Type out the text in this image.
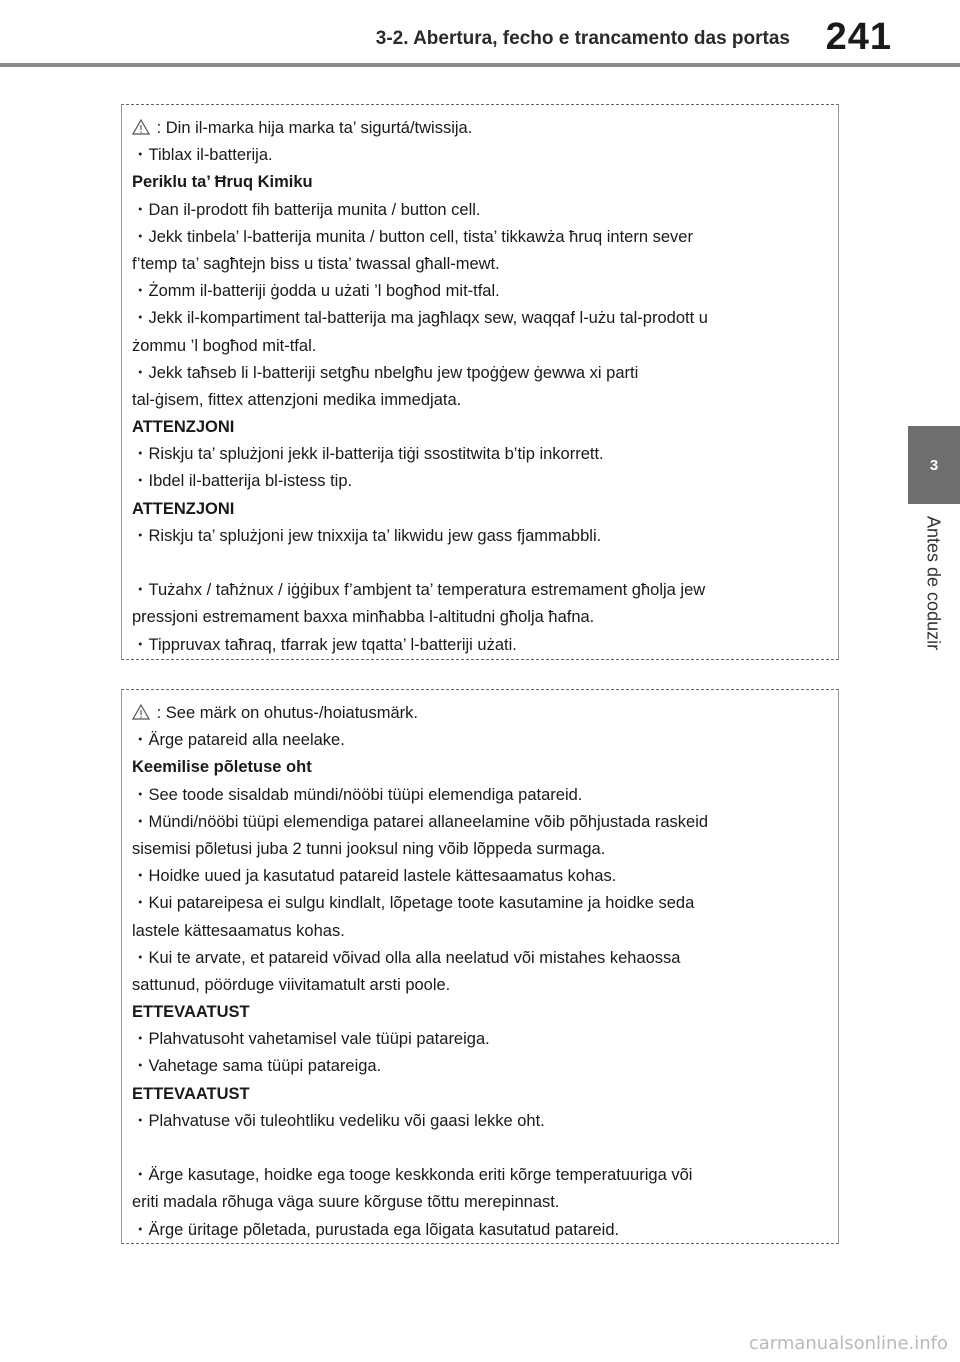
3-2. Abertura, fecho e trancamento das portas 241
3
Antes de coduzir
: Din il-marka hija marka ta’ sigurtá/twissija.
・Tiblax il-batterija.
Periklu ta’ Ħruq Kimiku
・Dan il-prodott fih batterija munita / button cell.
・Jekk tinbela’ l-batterija munita / button cell, tista’ tikkawża ħruq intern sever
f’temp ta’ sagħtejn biss u tista’ twassal għall-mewt.
・Żomm il-batteriji ġodda u użati ’l bogħod mit-tfal.
・Jekk il-kompartiment tal-batterija ma jagħlaqx sew, waqqaf l-użu tal-prodott u
żommu ’l bogħod mit-tfal.
・Jekk taħseb li l-batteriji setgħu nbelgħu jew tpoġġew ġewwa xi parti
tal-ġisem, fittex attenzjoni medika immedjata.
ATTENZJONI
・Riskju ta’ splużjoni jekk il-batterija tiġi ssostitwita b’tip inkorrett.
・Ibdel il-batterija bl-istess tip.
ATTENZJONI
・Riskju ta’ splużjoni jew tnixxija ta’ likwidu jew gass fjammabbli.
・Tużahx / taħżnux / iġġibux f’ambjent ta’ temperatura estremament għolja jew
pressjoni estremament baxxa minħabba l-altitudni għolja ħafna.
・Tippruvax taħraq, tfarrak jew tqatta’ l-batteriji użati.
: See märk on ohutus-/hoiatusmärk.
・Ärge patareid alla neelake.
Keemilise põletuse oht
・See toode sisaldab mündi/nööbi tüüpi elemendiga patareid.
・Mündi/nööbi tüüpi elemendiga patarei allaneelamine võib põhjustada raskeid
sisemisi põletusi juba 2 tunni jooksul ning võib lõppeda surmaga.
・Hoidke uued ja kasutatud patareid lastele kättesaamatus kohas.
・Kui patareipesa ei sulgu kindlalt, lõpetage toote kasutamine ja hoidke seda
lastele kättesaamatus kohas.
・Kui te arvate, et patareid võivad olla alla neelatud või mistahes kehaossa
sattunud, pöörduge viivitamatult arsti poole.
ETTEVAATUST
・Plahvatusoht vahetamisel vale tüüpi patareiga.
・Vahetage sama tüüpi patareiga.
ETTEVAATUST
・Plahvatuse või tuleohtliku vedeliku või gaasi lekke oht.
・Ärge kasutage, hoidke ega tooge keskkonda eriti kõrge temperatuuriga või
eriti madala rõhuga väga suure kõrguse tõttu merepinnast.
・Ärge üritage põletada, purustada ega lõigata kasutatud patareid.
carmanualsonline.info
